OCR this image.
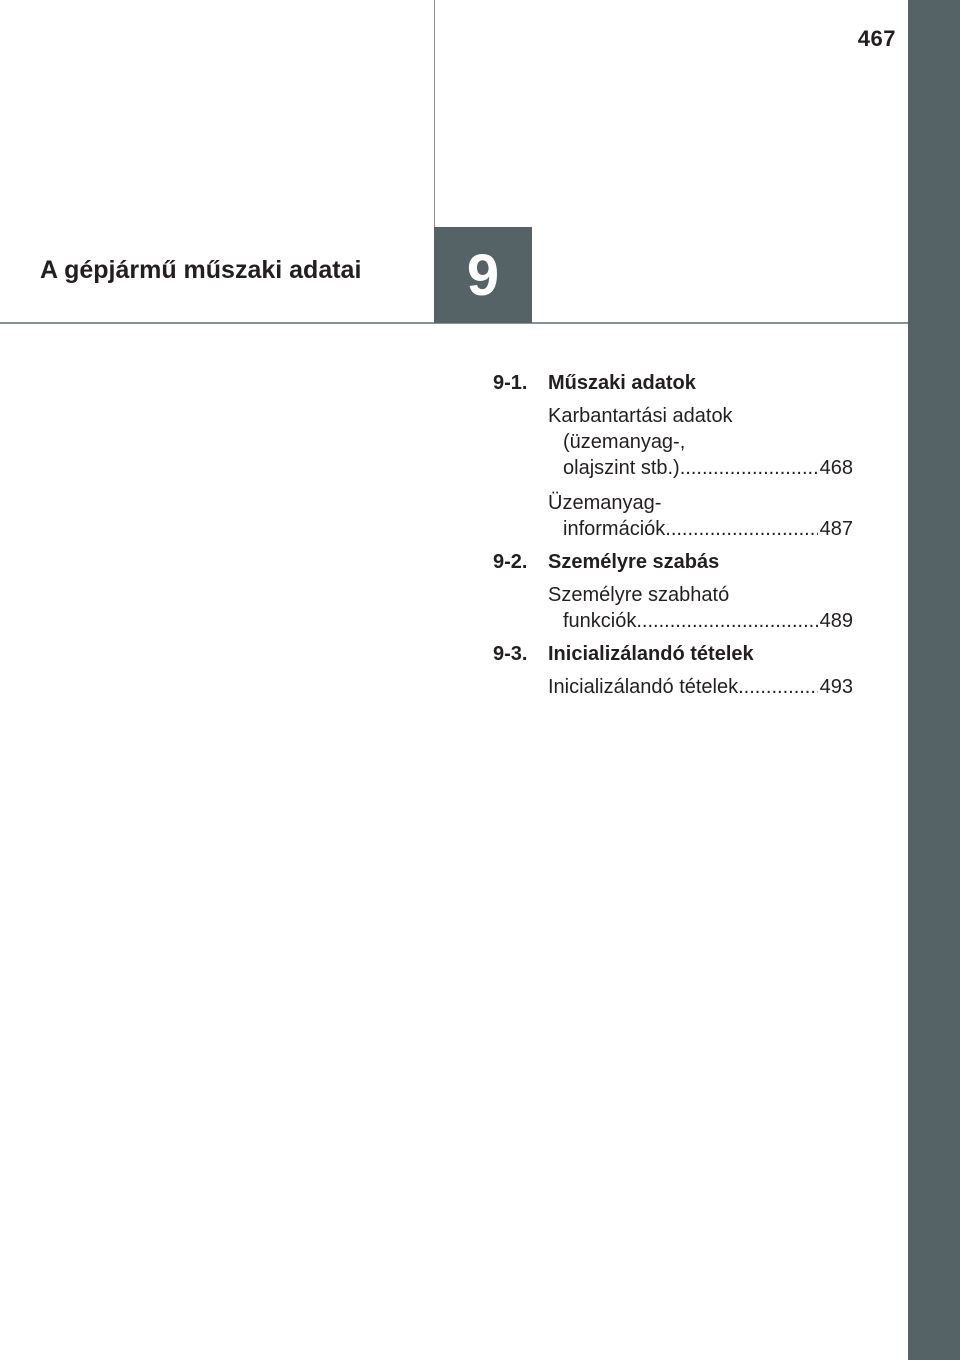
467
A gépjármű műszaki adatai 9
9-1.	Műszaki adatok
Karbantartási adatok
(üzemanyag-,
olajszint stb.) .....	468
Üzemanyag-
információk .....	487
9-2.	Személyre szabás
Személyre szabható
funkciók .....	489
9-3.	Inicializálandó tételek
Inicializálandó tételek .....	493
